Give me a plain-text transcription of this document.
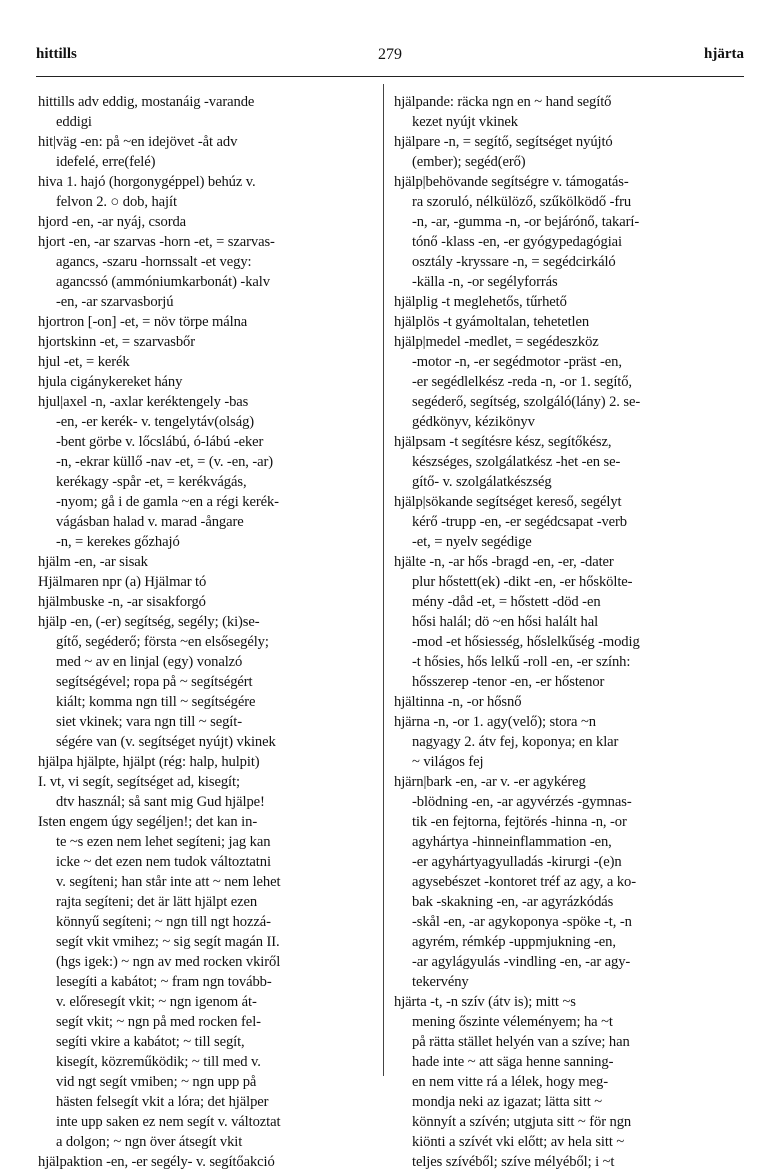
hittills	279	hjärta
hittills adv eddig, mostanáig -varande
eddigi
hit|väg -en: på ~en idejövet -åt adv
idefelé, erre(felé)
hiva 1. hajó (horgonygéppel) behúz v.
felvon 2. ○ dob, hajít
hjord -en, -ar nyáj, csorda
hjort -en, -ar szarvas -horn -et, = szarvas-
agancs, -szaru -hornssalt -et vegy:
agancssó (ammóniumkarbonát) -kalv
-en, -ar szarvasborjú
hjortron [-on] -et, = növ törpe málna
hjortskinn -et, = szarvasbőr
hjul -et, = kerék
hjula cigánykereket hány
hjul|axel -n, -axlar keréktengely -bas
-en, -er kerék- v. tengelytáv(olság)
-bent görbe v. lőcslábú, ó-lábú -eker
-n, -ekrar küllő -nav -et, = (v. -en, -ar)
kerékagy -spår -et, = kerékvágás,
-nyom; gå i de gamla ~en a régi kerék-
vágásban halad v. marad -ångare
-n, = kerekes gőzhajó
hjälm -en, -ar sisak
Hjälmaren npr (a) Hjälmar tó
hjälmbuske -n, -ar sisakforgó
hjälp -en, (-er) segítség, segély; (ki)se-
gítő, segéderő; första ~en elsősegély;
med ~ av en linjal (egy) vonalzó
segítségével; ropa på ~ segítségért
kiált; komma ngn till ~ segítségére
siet vkinek; vara ngn till ~ segít-
ségére van (v. segítséget nyújt) vkinek
hjälpa hjälpte, hjälpt (rég: halp, hulpit)
I. vt, vi segít, segítséget ad, kisegít;
dtv használ; så sant mig Gud hjälpe!
Isten engem úgy segéljen!; det kan in-
te ~s ezen nem lehet segíteni; jag kan
icke ~ det ezen nem tudok változtatni
v. segíteni; han står inte att ~ nem lehet
rajta segíteni; det är lätt hjälpt ezen
könnyű segíteni; ~ ngn till ngt hozzá-
segít vkit vmihez; ~ sig segít magán II.
(hgs igek:) ~ ngn av med rocken vkiről
lesegíti a kabátot; ~ fram ngn tovább-
v. előresegít vkit; ~ ngn igenom át-
segít vkit; ~ ngn på med rocken fel-
segíti vkire a kabátot; ~ till segít,
kisegít, közreműködik; ~ till med v.
vid ngt segít vmiben; ~ ngn upp på
hästen felsegít vkit a lóra; det hjälper
inte upp saken ez nem segít v. változtat
a dolgon; ~ ngn över átsegít vkit
hjälpaktion -en, -er segély- v. segítőakció
hjälpande: räcka ngn en ~ hand segítő
kezet nyújt vkinek
hjälpare -n, = segítő, segítséget nyújtó
(ember); segéd(erő)
hjälp|behövande segítségre v. támogatás-
ra szoruló, nélkülöző, szűkölködő -fru
-n, -ar, -gumma -n, -or bejárónő, takarí-
tónő -klass -en, -er gyógypedagógiai
osztály -kryssare -n, = segédcirkáló
-källa -n, -or segélyforrás
hjälplig -t meglehetős, tűrhető
hjälplös -t gyámoltalan, tehetetlen
hjälp|medel -medlet, = segédeszköz
-motor -n, -er segédmotor -präst -en,
-er segédlelkész -reda -n, -or 1. segítő,
segéderő, segítség, szolgáló(lány) 2. se-
gédkönyv, kézikönyv
hjälpsam -t segítésre kész, segítőkész,
készséges, szolgálatkész -het -en se-
gítő- v. szolgálatkészség
hjälp|sökande segítséget kereső, segélyt
kérő -trupp -en, -er segédcsapat -verb
-et, = nyelv segédige
hjälte -n, -ar hős -bragd -en, -er, -dater
plur hőstett(ek) -dikt -en, -er hőskölte-
mény -dåd -et, = hőstett -död -en
hősi halál; dö ~en hősi halált hal
-mod -et hősiesség, hőslelkűség -modig
-t hősies, hős lelkű -roll -en, -er szính:
hősszerep -tenor -en, -er hőstenor
hjältinna -n, -or hősnő
hjärna -n, -or 1. agy(velő); stora ~n
nagyagy 2. átv fej, koponya; en klar
~ világos fej
hjärn|bark -en, -ar v. -er agykéreg
-blödning -en, -ar agyvérzés -gymnas-
tik -en fejtorna, fejtörés -hinna -n, -or
agyhártya -hinneinflammation -en,
-er agyhártyagyulladás -kirurgi -(e)n
agysebészet -kontoret tréf az agy, a ko-
bak -skakning -en, -ar agyrázkódás
-skål -en, -ar agykoponya -spöke -t, -n
agyrém, rémkép -uppmjukning -en,
-ar agylágyulás -vindling -en, -ar agy-
tekervény
hjärta -t, -n szív (átv is); mitt ~s
mening őszinte véleményem; ha ~t
på rätta stället helyén van a szíve; han
hade inte ~ att säga henne sanning-
en nem vitte rá a lélek, hogy meg-
mondja neki az igazat; lätta sitt ~
könnyít a szívén; utgjuta sitt ~ för ngn
kiönti a szívét vki előtt; av hela sitt ~
teljes szívéből; szíve mélyéből; i ~t
